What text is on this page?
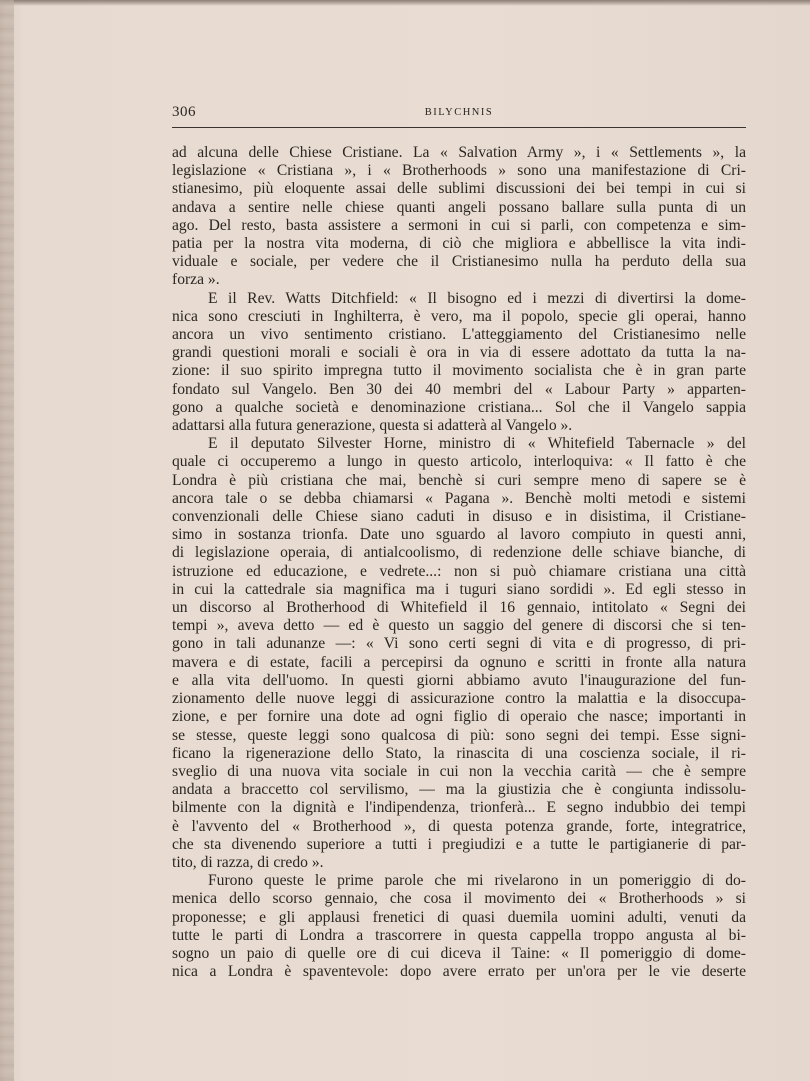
306	BILYCHNIS
ad alcuna delle Chiese Cristiane. La « Salvation Army », i « Settlements », la
legislazione « Cristiana », i « Brotherhoods » sono una manifestazione di Cri-
stianesimo, più eloquente assai delle sublimi discussioni dei bei tempi in cui si
andava a sentire nelle chiese quanti angeli possano ballare sulla punta di un
ago. Del resto, basta assistere a sermoni in cui si parli, con competenza e sim-
patia per la nostra vita moderna, di ciò che migliora e abbellisce la vita indi-
viduale e sociale, per vedere che il Cristianesimo nulla ha perduto della sua
forza ».
E il Rev. Watts Ditchfield: « Il bisogno ed i mezzi di divertirsi la dome-
nica sono cresciuti in Inghilterra, è vero, ma il popolo, specie gli operai, hanno
ancora un vivo sentimento cristiano. L'atteggiamento del Cristianesimo nelle
grandi questioni morali e sociali è ora in via di essere adottato da tutta la na-
zione: il suo spirito impregna tutto il movimento socialista che è in gran parte
fondato sul Vangelo. Ben 30 dei 40 membri del « Labour Party » apparten-
gono a qualche società e denominazione cristiana... Sol che il Vangelo sappia
adattarsi alla futura generazione, questa si adatterà al Vangelo ».
E il deputato Silvester Horne, ministro di « Whitefield Tabernacle » del
quale ci occuperemo a lungo in questo articolo, interloquiva: « Il fatto è che
Londra è più cristiana che mai, benchè si curi sempre meno di sapere se è
ancora tale o se debba chiamarsi « Pagana ». Benchè molti metodi e sistemi
convenzionali delle Chiese siano caduti in disuso e in disistima, il Cristiane-
simo in sostanza trionfa. Date uno sguardo al lavoro compiuto in questi anni,
di legislazione operaia, di antialcoolismo, di redenzione delle schiave bianche, di
istruzione ed educazione, e vedrete...: non si può chiamare cristiana una città
in cui la cattedrale sia magnifica ma i tuguri siano sordidi ». Ed egli stesso in
un discorso al Brotherhood di Whitefield il 16 gennaio, intitolato « Segni dei
tempi », aveva detto — ed è questo un saggio del genere di discorsi che si ten-
gono in tali adunanze —: « Vi sono certi segni di vita e di progresso, di pri-
mavera e di estate, facili a percepirsi da ognuno e scritti in fronte alla natura
e alla vita dell'uomo. In questi giorni abbiamo avuto l'inaugurazione del fun-
zionamento delle nuove leggi di assicurazione contro la malattia e la disoccupa-
zione, e per fornire una dote ad ogni figlio di operaio che nasce; importanti in
se stesse, queste leggi sono qualcosa di più: sono segni dei tempi. Esse signi-
ficano la rigenerazione dello Stato, la rinascita di una coscienza sociale, il ri-
sveglio di una nuova vita sociale in cui non la vecchia carità — che è sempre
andata a braccetto col servilismo, — ma la giustizia che è congiunta indissolu-
bilmente con la dignità e l'indipendenza, trionferà... E segno indubbio dei tempi
è l'avvento del « Brotherhood », di questa potenza grande, forte, integratrice,
che sta divenendo superiore a tutti i pregiudizi e a tutte le partigianerie di par-
tito, di razza, di credo ».
Furono queste le prime parole che mi rivelarono in un pomeriggio di do-
menica dello scorso gennaio, che cosa il movimento dei « Brotherhoods » si
proponesse; e gli applausi frenetici di quasi duemila uomini adulti, venuti da
tutte le parti di Londra a trascorrere in questa cappella troppo angusta al bi-
sogno un paio di quelle ore di cui diceva il Taine: « Il pomeriggio di dome-
nica a Londra è spaventevole: dopo avere errato per un'ora per le vie deserte
